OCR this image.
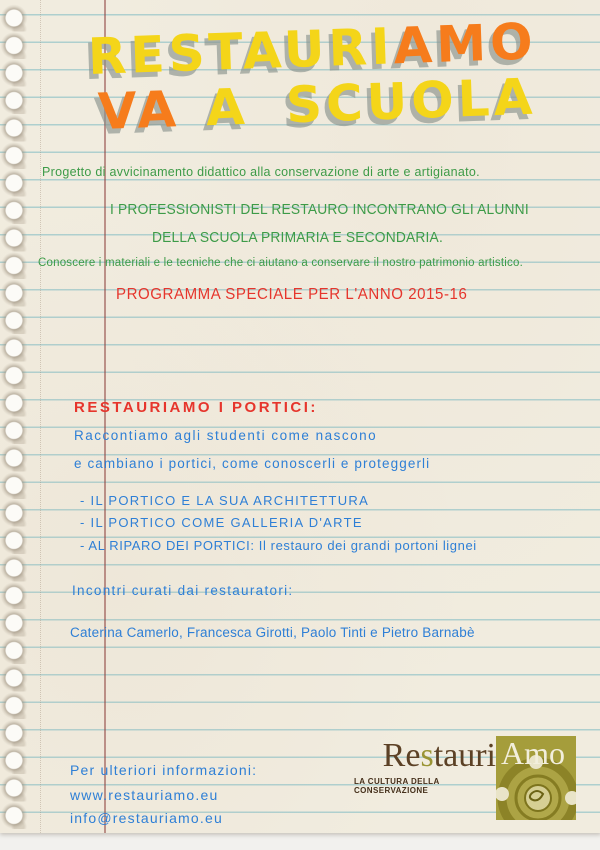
RESTAURIAMO
VA A SCUOLA
Progetto di avvicinamento didattico alla conservazione di arte e artigianato.
I PROFESSIONISTI DEL RESTAURO INCONTRANO GLI ALUNNI
DELLA SCUOLA PRIMARIA E SECONDARIA.
Conoscere i materiali e le tecniche che ci aiutano a conservare il nostro patrimonio artistico.
PROGRAMMA SPECIALE PER L'ANNO 2015-16
RESTAURIAMO I PORTICI:
Raccontiamo agli studenti come nascono
e cambiano i portici, come conoscerli e proteggerli
- IL PORTICO E LA SUA ARCHITETTURA
- IL PORTICO COME GALLERIA D'ARTE
- AL RIPARO DEI PORTICI: Il restauro dei grandi portoni lignei
Incontri curati dai restauratori:
Caterina Camerlo, Francesca Girotti, Paolo Tinti e Pietro Barnabè
Per ulteriori informazioni:
www.restauriamo.eu
info@restauriamo.eu
Restauri
LA CULTURA DELLA CONSERVAZIONE
Amo
